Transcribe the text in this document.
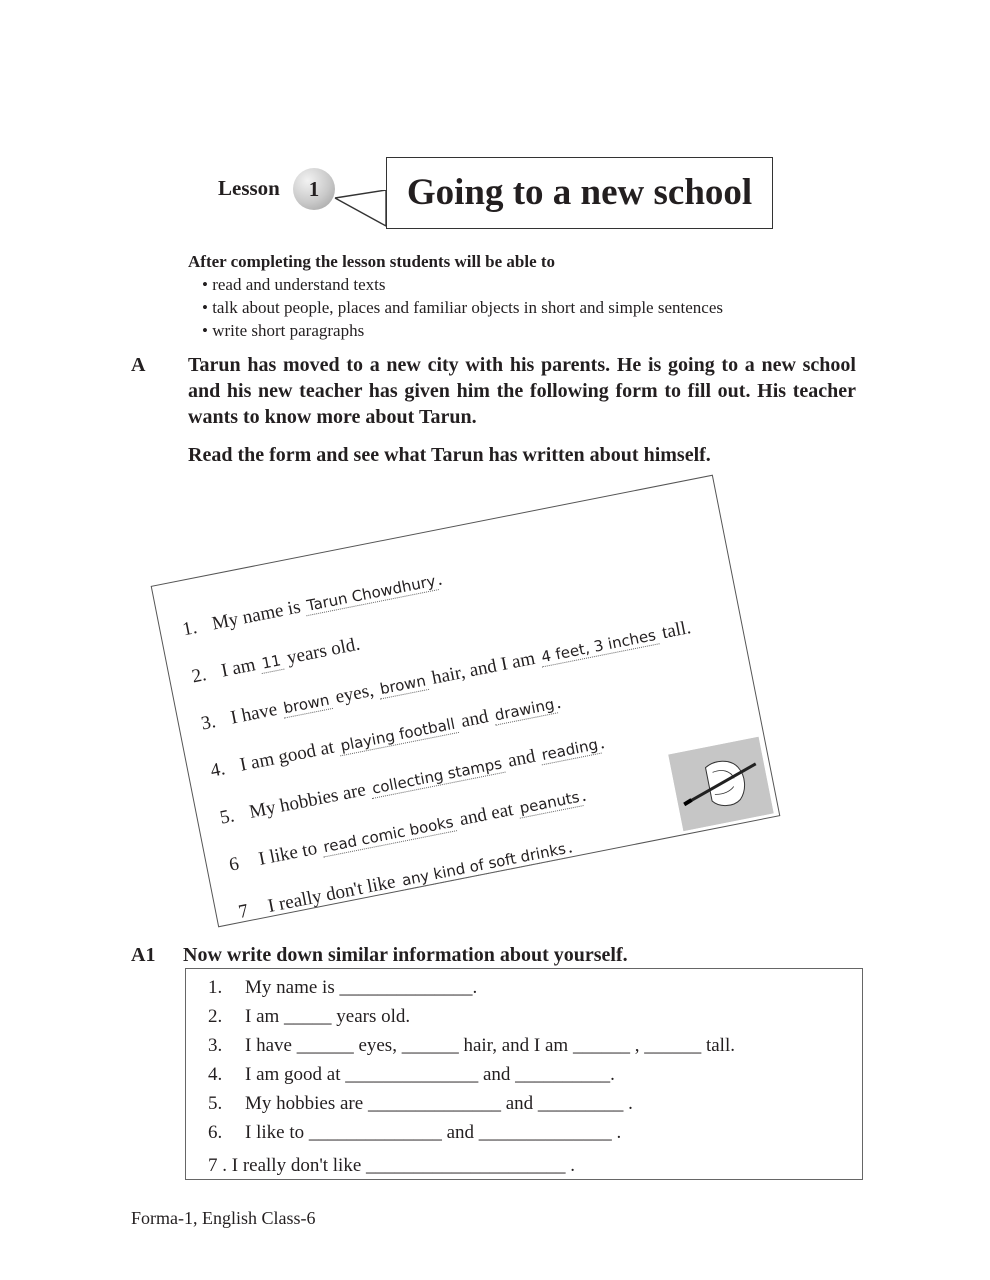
Lesson	1	Going to a new school
After completing the lesson students will be able to
• read and understand texts
• talk about people, places and familiar objects in short and simple sentences
• write short paragraphs
A Tarun has moved to a new city with his parents. He is going to a new school and his new teacher has given him the following form to fill out. His teacher wants to know more about Tarun.
Read the form and see what Tarun has written about himself.
1. My name is Tarun Chowdhury.
2. I am 11 years old.
3. I have brown eyes, brown hair, and I am 4 feet, 3 inches tall.
4. I am good at playing football and drawing.
5. My hobbies are collecting stamps and reading.
6 I like to read comic books and eat peanuts.
7 I really don't like any kind of soft drinks.
A1 Now write down similar information about yourself.
1. My name is ______________.
2. I am _____ years old.
3. I have ______ eyes, ______ hair, and I am ______ , ______ tall.
4. I am good at ______________ and __________.
5. My hobbies are ______________ and _________ .
6. I like to ______________ and ______________ .
7 . I really don't like _____________________ .
Forma-1, English Class-6
